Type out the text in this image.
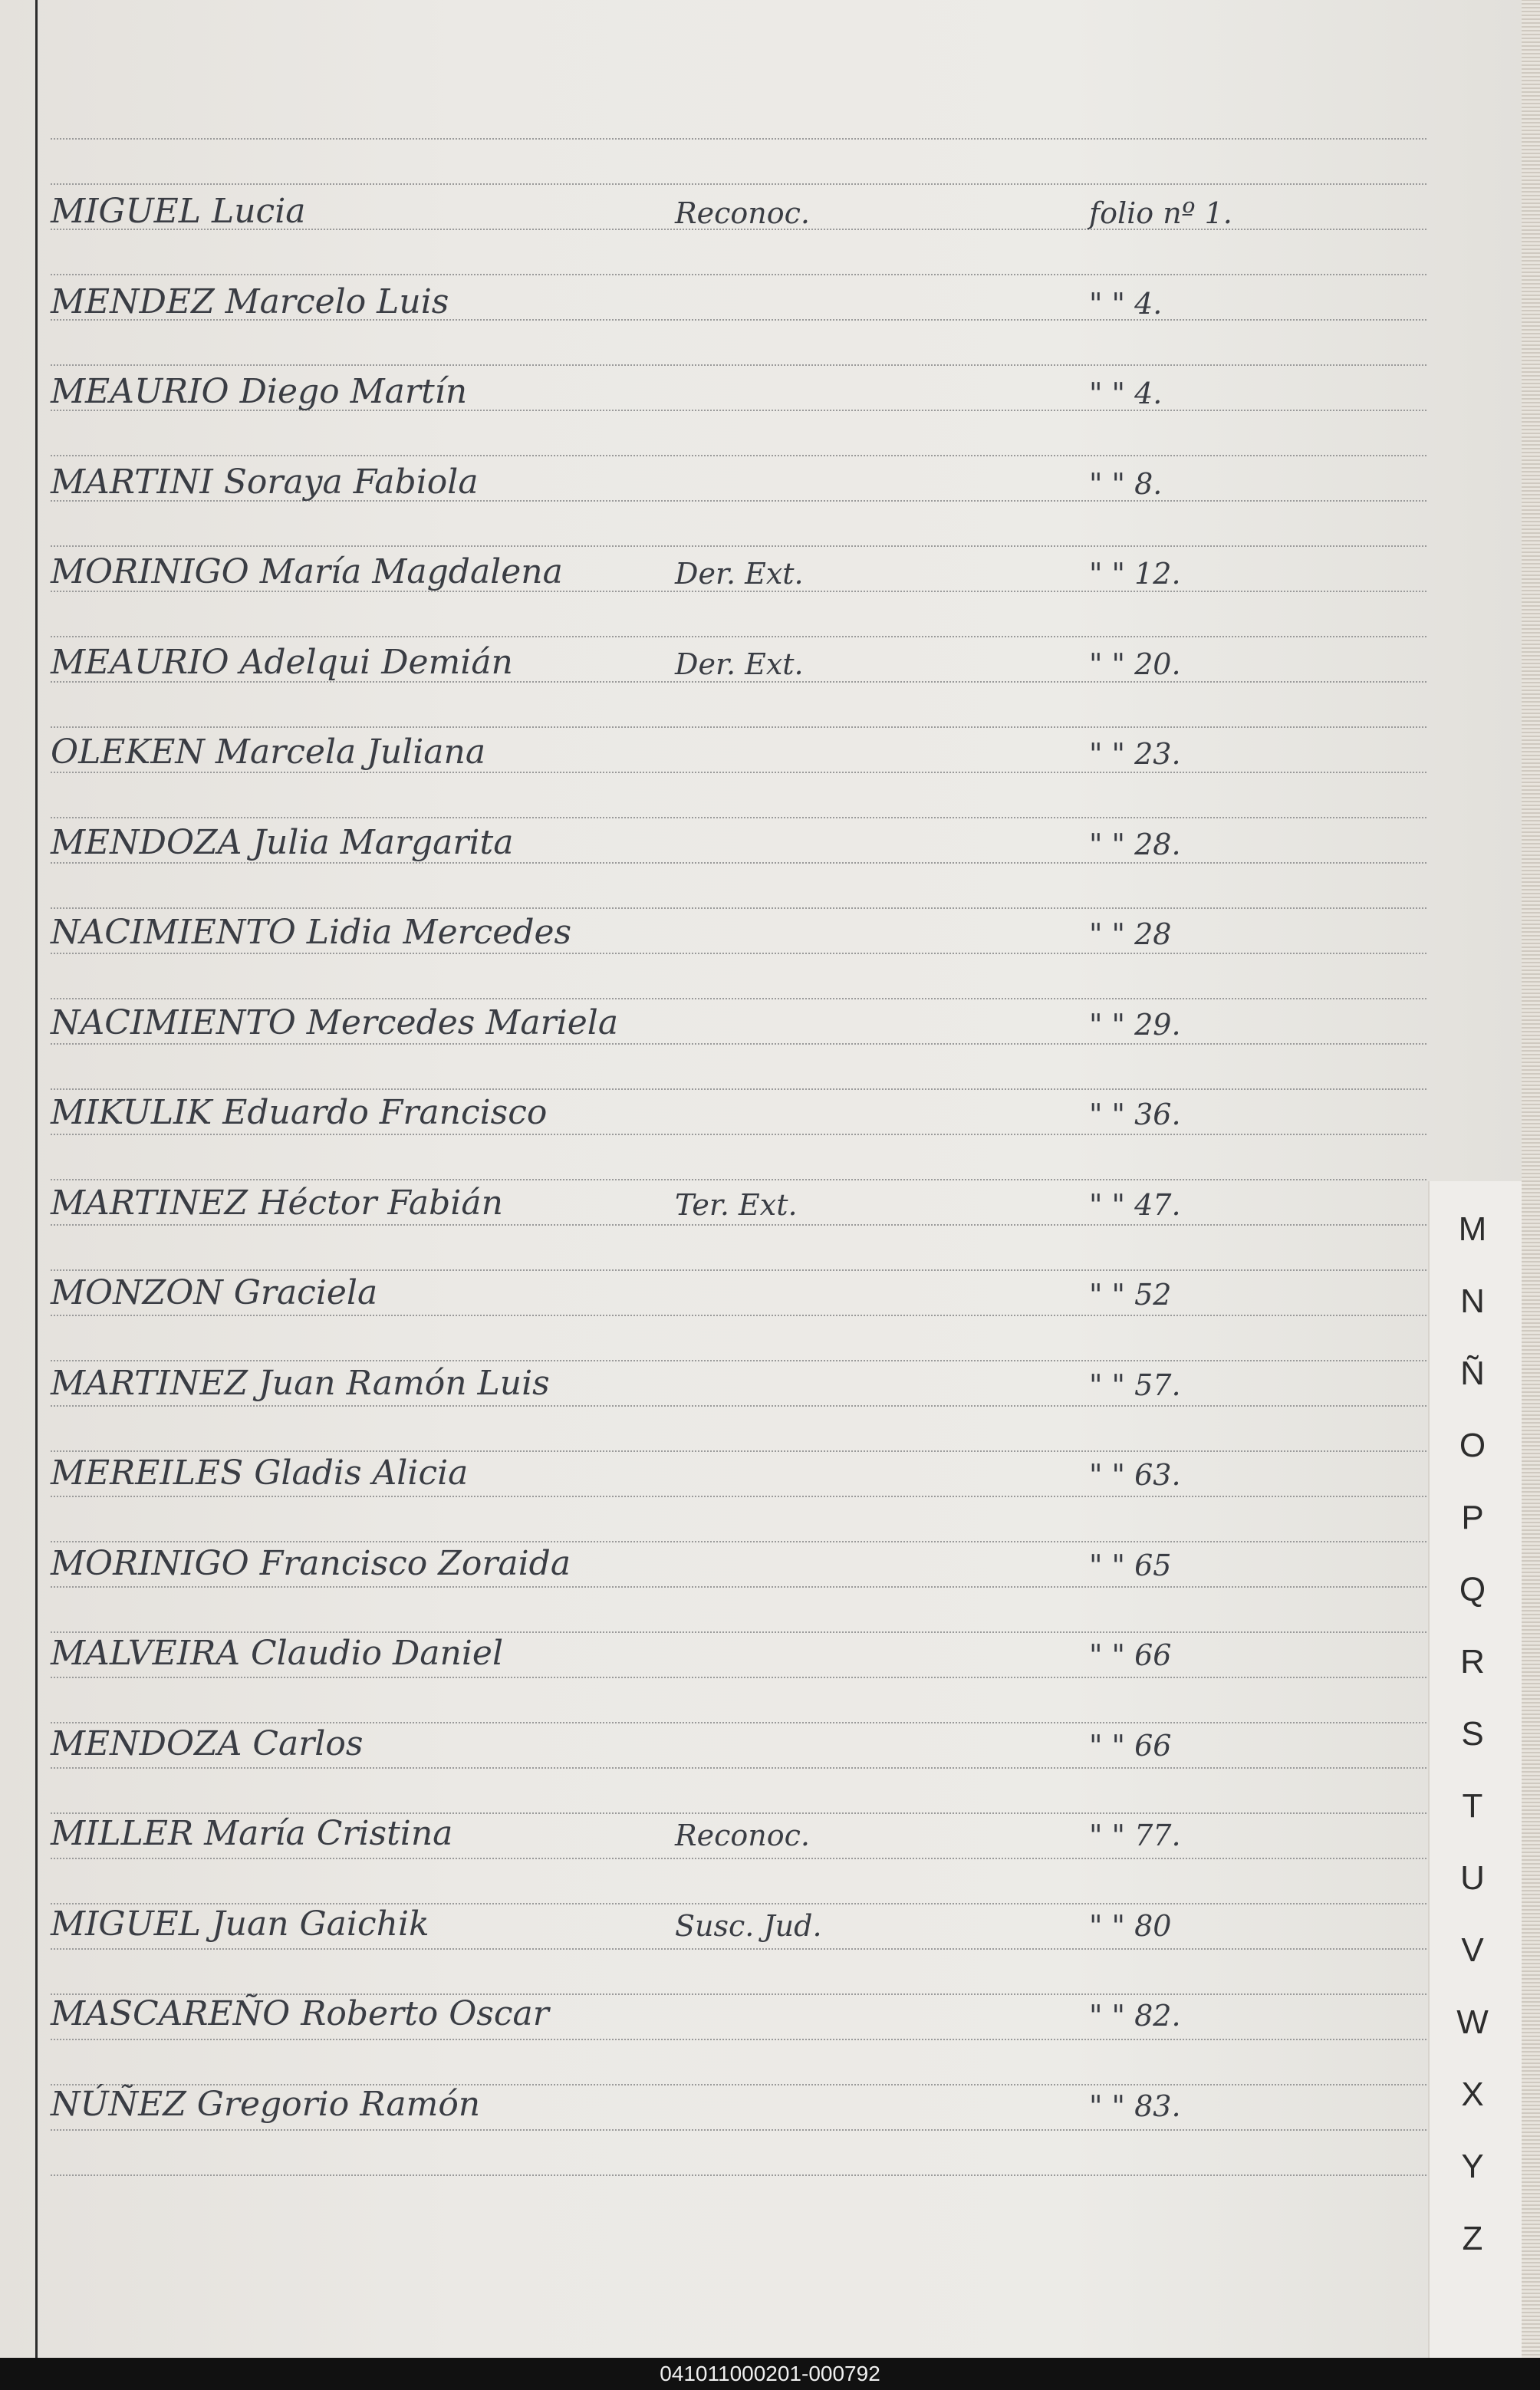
MIGUEL Lucia	Reconoc.	folio nº 1.
MENDEZ Marcelo Luis	" " 4.
MEAURIO Diego Martín	" " 4.
MARTINI Soraya Fabiola	" " 8.
MORINIGO María Magdalena	Der. Ext.	" " 12.
MEAURIO Adelqui Demián	Der. Ext.	" " 20.
OLEKEN Marcela Juliana	" " 23.
MENDOZA Julia Margarita	" " 28.
NACIMIENTO Lidia Mercedes	" " 28
NACIMIENTO Mercedes Mariela	" " 29.
MIKULIK Eduardo Francisco	" " 36.
MARTINEZ Héctor Fabián	Ter. Ext.	" " 47.
MONZON Graciela	" " 52
MARTINEZ Juan Ramón Luis	" " 57.
MEREILES Gladis Alicia	" " 63.
MORINIGO Francisco Zoraida	" " 65
MALVEIRA Claudio Daniel	" " 66
MENDOZA Carlos	" " 66
MILLER María Cristina	Reconoc.	" " 77.
MIGUEL Juan Gaichik	Susc. Jud.	" " 80
MASCAREÑO Roberto Oscar	" " 82.
NÚÑEZ Gregorio Ramón	" " 83.
M
N
Ñ
O
P
Q
R
S
T
U
V
W
X
Y
Z
041011000201-000792
